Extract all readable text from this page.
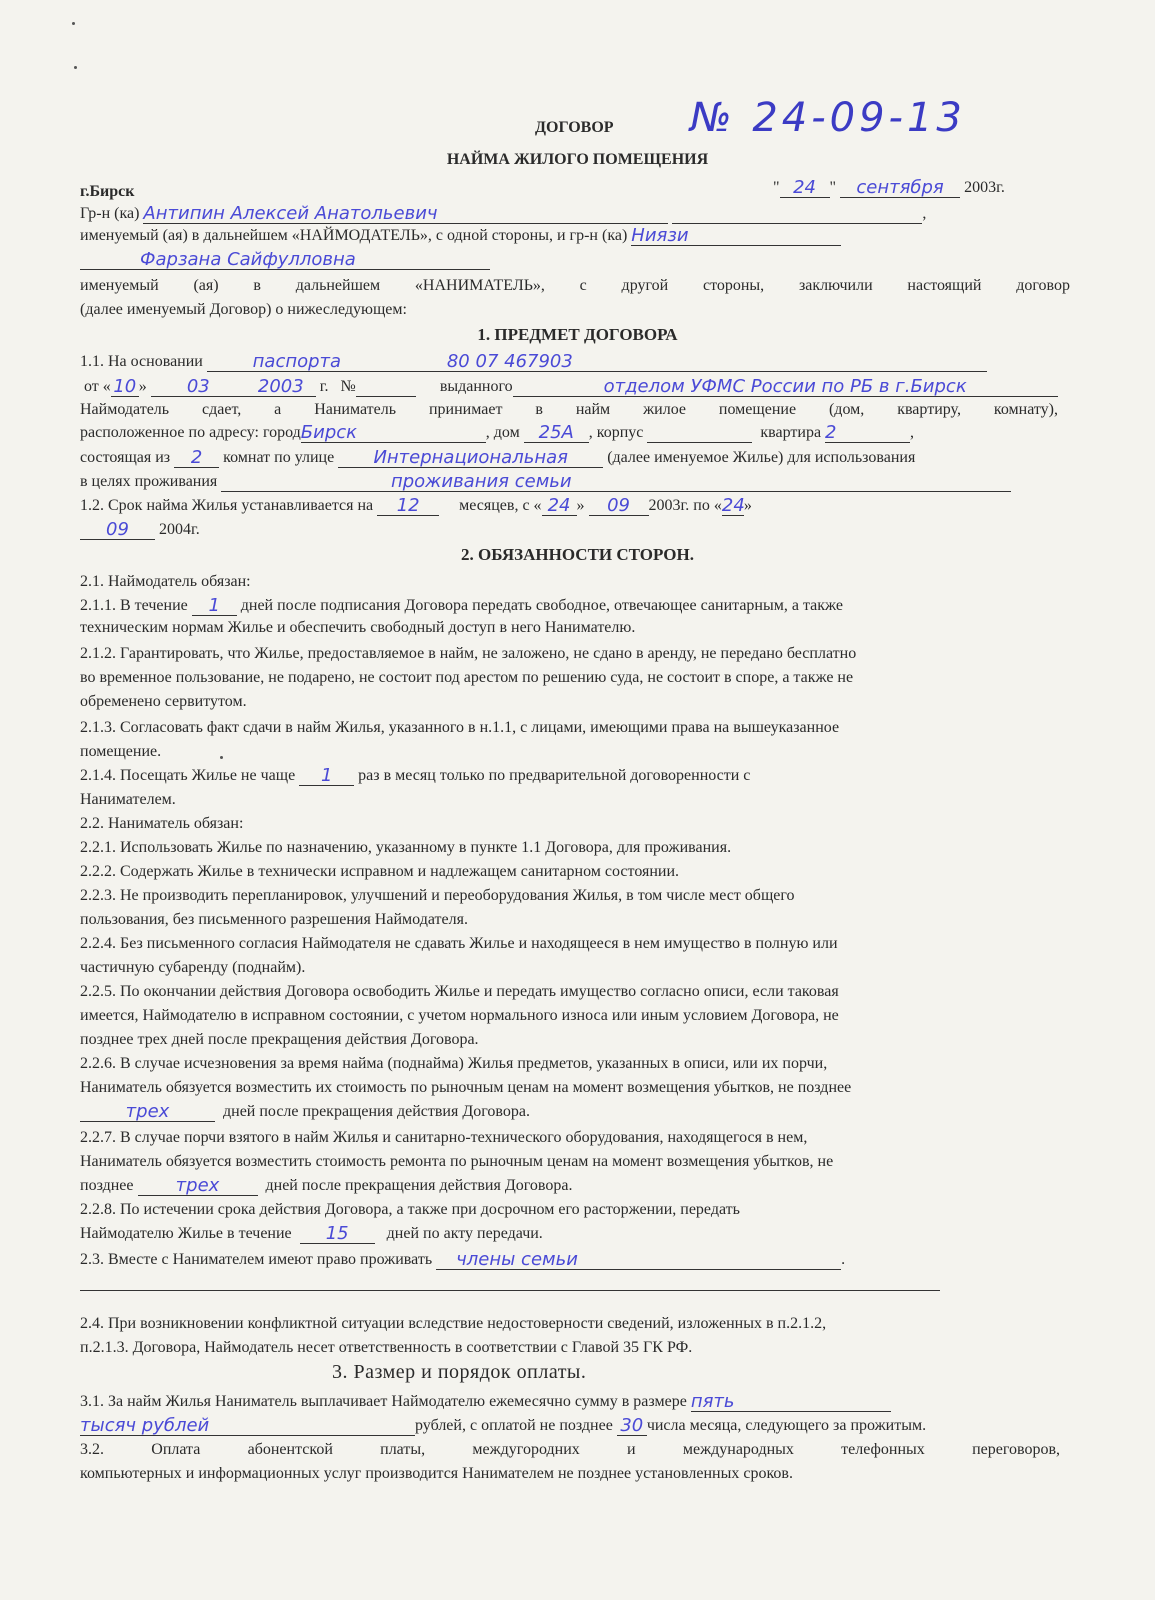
ДОГОВОР № 24-09-13
НАЙМА ЖИЛОГО ПОМЕЩЕНИЯ
г.Бирск	" 24 " сентября 2003г.
Гр-н (ка) Антипин Алексей Анатольевич	,
именуемый (ая) в дальнейшем «НАЙМОДАТЕЛЬ», с одной стороны, и гр-н (ка) Ниязи
Фарзана Сайфулловна
именуемый (ая) в дальнейшем «НАНИМАТЕЛЬ», с другой стороны, заключили настоящий договор
(далее именуемый Договор) о нижеследующем:
1. ПРЕДМЕТ ДОГОВОРА
1.1. На основании	паспорта	80 07 467903
от « 10 » 03	2003 г. №	выданного	отделом УФМС России по РБ в г.Бирск
Наймодатель сдает, а Наниматель принимает в найм жилое помещение (дом, квартиру, комнату),
расположенное по адресу: городБирск	, дом 25А , корпус	квартира 2	,
состоящая из 2 комнат по улице Интернациональная (далее именуемое Жилье) для использования
в целях проживания	проживания семьи
1.2. Срок найма Жилья устанавливается на 12 месяцев, с « 24 » 09 2003г. по «24»
09 2004г.
2. ОБЯЗАННОСТИ СТОРОН.
2.1. Наймодатель обязан:
2.1.1. В течение 1 дней после подписания Договора передать свободное, отвечающее санитарным, а также
техническим нормам Жилье и обеспечить свободный доступ в него Нанимателю.
2.1.2. Гарантировать, что Жилье, предоставляемое в найм, не заложено, не сдано в аренду, не передано бесплатно
во временное пользование, не подарено, не состоит под арестом по решению суда, не состоит в споре, а также не
обременено сервитутом.
2.1.3. Согласовать факт сдачи в найм Жилья, указанного в н.1.1, с лицами, имеющими права на вышеуказанное
помещение.
2.1.4. Посещать Жилье не чаще 1 раз в месяц только по предварительной договоренности с
Нанимателем.
2.2. Наниматель обязан:
2.2.1. Использовать Жилье по назначению, указанному в пункте 1.1 Договора, для проживания.
2.2.2. Содержать Жилье в технически исправном и надлежащем санитарном состоянии.
2.2.3. Не производить перепланировок, улучшений и переоборудования Жилья, в том числе мест общего
пользования, без письменного разрешения Наймодателя.
2.2.4. Без письменного согласия Наймодателя не сдавать Жилье и находящееся в нем имущество в полную или
частичную субаренду (поднайм).
2.2.5. По окончании действия Договора освободить Жилье и передать имущество согласно описи, если таковая
имеется, Наймодателю в исправном состоянии, с учетом нормального износа или иным условием Договора, не
позднее трех дней после прекращения действия Договора.
2.2.6. В случае исчезновения за время найма (поднайма) Жилья предметов, указанных в описи, или их порчи,
Наниматель обязуется возместить их стоимость по рыночным ценам на момент возмещения убытков, не позднее
трех	дней после прекращения действия Договора.
2.2.7. В случае порчи взятого в найм Жилья и санитарно-технического оборудования, находящегося в нем,
Наниматель обязуется возместить стоимость ремонта по рыночным ценам на момент возмещения убытков, не
позднее трех	дней после прекращения действия Договора.
2.2.8. По истечении срока действия Договора, а также при досрочном его расторжении, передать
Наймодателю Жилье в течение 15 дней по акту передачи.
2.3. Вместе с Нанимателем имеют право проживать члены семьи	.
2.4. При возникновении конфликтной ситуации вследствие недостоверности сведений, изложенных в п.2.1.2,
п.2.1.3. Договора, Наймодатель несет ответственность в соответствии с Главой 35 ГК РФ.
3. Размер и порядок оплаты.
3.1. За найм Жилья Наниматель выплачивает Наймодателю ежемесячно сумму в размере пять
тысяч рублей	рублей, с оплатой не позднее 30 числа месяца, следующего за прожитым.
3.2. Оплата абонентской платы, междугородних и международных телефонных переговоров,
компьютерных и информационных услуг производится Нанимателем не позднее установленных сроков.
